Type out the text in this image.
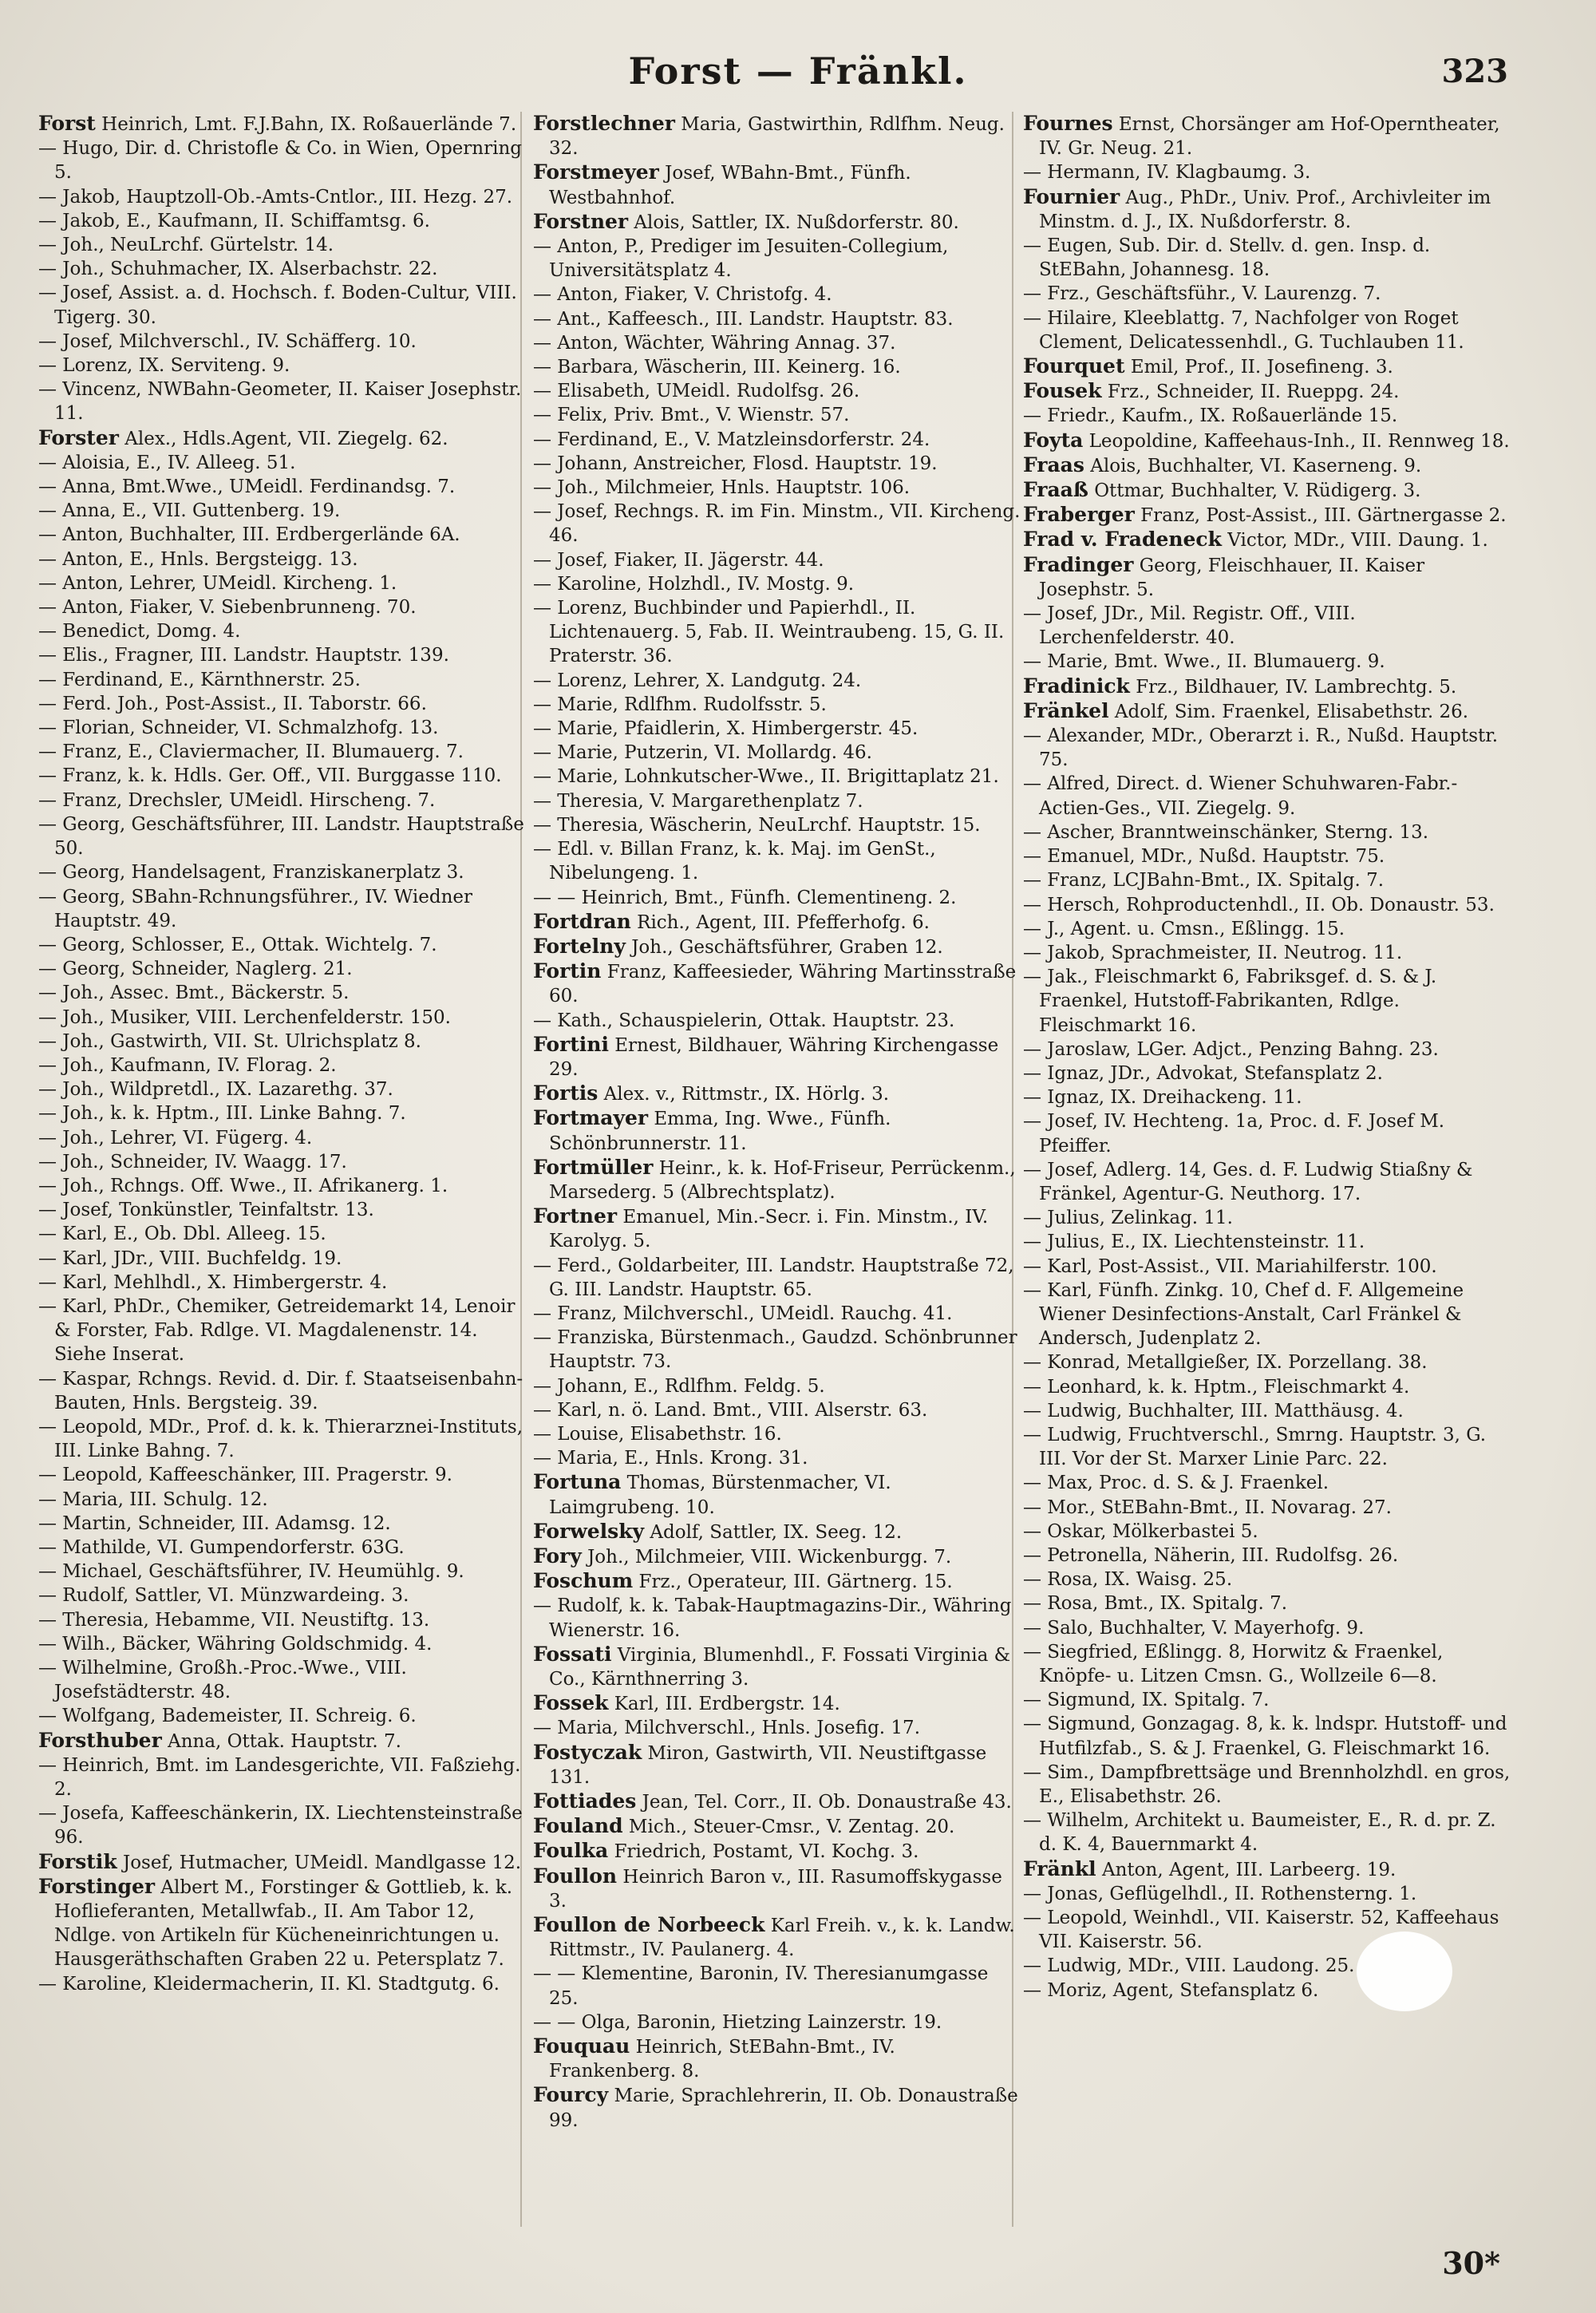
Forst — Fränkl.	323

Forst Heinrich, Lmt. F.J.Bahn, IX. Roßauerlände 7.

— Hugo, Dir. d. Christofle & Co. in Wien, Opernring 5.

— Jakob, Hauptzoll-Ob.-Amts-Cntlor., III. Hezg. 27.

— Jakob, E., Kaufmann, II. Schiffamtsg. 6.

— Joh., NeuLrchf. Gürtelstr. 14.

— Joh., Schuhmacher, IX. Alserbachstr. 22.

— Josef, Assist. a. d. Hochsch. f. Boden-Cultur, VIII. Tigerg. 30.

— Josef, Milchverschl., IV. Schäfferg. 10.

— Lorenz, IX. Serviteng. 9.

— Vincenz, NWBahn-Geometer, II. Kaiser Josephstr. 11.

Forster Alex., Hdls.Agent, VII. Ziegelg. 62.

— Aloisia, E., IV. Alleeg. 51.

— Anna, Bmt.Wwe., UMeidl. Ferdinandsg. 7.

— Anna, E., VII. Guttenberg. 19.

— Anton, Buchhalter, III. Erdbergerlände 6A.

— Anton, E., Hnls. Bergsteigg. 13.

— Anton, Lehrer, UMeidl. Kircheng. 1.

— Anton, Fiaker, V. Siebenbrunneng. 70.

— Benedict, Domg. 4.

— Elis., Fragner, III. Landstr. Hauptstr. 139.

— Ferdinand, E., Kärnthnerstr. 25.

— Ferd. Joh., Post-Assist., II. Taborstr. 66.

— Florian, Schneider, VI. Schmalzhofg. 13.

— Franz, E., Claviermacher, II. Blumauerg. 7.

— Franz, k. k. Hdls. Ger. Off., VII. Burggasse 110.

— Franz, Drechsler, UMeidl. Hirscheng. 7.

— Georg, Geschäftsführer, III. Landstr. Hauptstraße 50.

— Georg, Handelsagent, Franziskanerplatz 3.

— Georg, SBahn-Rchnungsführer., IV. Wiedner Hauptstr. 49.

— Georg, Schlosser, E., Ottak. Wichtelg. 7.

— Georg, Schneider, Naglerg. 21.

— Joh., Assec. Bmt., Bäckerstr. 5.

— Joh., Musiker, VIII. Lerchenfelderstr. 150.

— Joh., Gastwirth, VII. St. Ulrichsplatz 8.

— Joh., Kaufmann, IV. Florag. 2.

— Joh., Wildpretdl., IX. Lazarethg. 37.

— Joh., k. k. Hptm., III. Linke Bahng. 7.

— Joh., Lehrer, VI. Fügerg. 4.

— Joh., Schneider, IV. Waagg. 17.

— Joh., Rchngs. Off. Wwe., II. Afrikanerg. 1.

— Josef, Tonkünstler, Teinfaltstr. 13.

— Karl, E., Ob. Dbl. Alleeg. 15.

— Karl, JDr., VIII. Buchfeldg. 19.

— Karl, Mehlhdl., X. Himbergerstr. 4.

— Karl, PhDr., Chemiker, Getreidemarkt 14, Lenoir & Forster, Fab. Rdlge. VI. Magdalenenstr. 14. Siehe Inserat.

— Kaspar, Rchngs. Revid. d. Dir. f. Staatseisenbahn-Bauten, Hnls. Bergsteig. 39.

— Leopold, MDr., Prof. d. k. k. Thierarznei-Instituts, III. Linke Bahng. 7.

— Leopold, Kaffeeschänker, III. Pragerstr. 9.

— Maria, III. Schulg. 12.

— Martin, Schneider, III. Adamsg. 12.

— Mathilde, VI. Gumpendorferstr. 63G.

— Michael, Geschäftsführer, IV. Heumühlg. 9.

— Rudolf, Sattler, VI. Münzwardeing. 3.

— Theresia, Hebamme, VII. Neustiftg. 13.

— Wilh., Bäcker, Währing Goldschmidg. 4.

— Wilhelmine, Großh.-Proc.-Wwe., VIII. Josefstädterstr. 48.

— Wolfgang, Bademeister, II. Schreig. 6.

Forsthuber Anna, Ottak. Hauptstr. 7.

— Heinrich, Bmt. im Landesgerichte, VII. Faßziehg. 2.

— Josefa, Kaffeeschänkerin, IX. Liechtensteinstraße 96.

Forstik Josef, Hutmacher, UMeidl. Mandlgasse 12.

Forstinger Albert M., Forstinger & Gottlieb, k. k. Hoflieferanten, Metallwfab., II. Am Tabor 12, Ndlge. von Artikeln für Kücheneinrichtungen u. Hausgeräthschaften Graben 22 u. Petersplatz 7.

— Karoline, Kleidermacherin, II. Kl. Stadtgutg. 6.

Forstlechner Maria, Gastwirthin, Rdlfhm. Neug. 32.

Forstmeyer Josef, WBahn-Bmt., Fünfh. Westbahnhof.

Forstner Alois, Sattler, IX. Nußdorferstr. 80.

— Anton, P., Prediger im Jesuiten-Collegium, Universitätsplatz 4.

— Anton, Fiaker, V. Christofg. 4.

— Ant., Kaffeesch., III. Landstr. Hauptstr. 83.

— Anton, Wächter, Währing Annag. 37.

— Barbara, Wäscherin, III. Keinerg. 16.

— Elisabeth, UMeidl. Rudolfsg. 26.

— Felix, Priv. Bmt., V. Wienstr. 57.

— Ferdinand, E., V. Matzleinsdorferstr. 24.

— Johann, Anstreicher, Flosd. Hauptstr. 19.

— Joh., Milchmeier, Hnls. Hauptstr. 106.

— Josef, Rechngs. R. im Fin. Minstm., VII. Kircheng. 46.

— Josef, Fiaker, II. Jägerstr. 44.

— Karoline, Holzhdl., IV. Mostg. 9.

— Lorenz, Buchbinder und Papierhdl., II. Lichtenauerg. 5, Fab. II. Weintraubeng. 15, G. II. Praterstr. 36.

— Lorenz, Lehrer, X. Landgutg. 24.

— Marie, Rdlfhm. Rudolfsstr. 5.

— Marie, Pfaidlerin, X. Himbergerstr. 45.

— Marie, Putzerin, VI. Mollardg. 46.

— Marie, Lohnkutscher-Wwe., II. Brigittaplatz 21.

— Theresia, V. Margarethenplatz 7.

— Theresia, Wäscherin, NeuLrchf. Hauptstr. 15.

— Edl. v. Billan Franz, k. k. Maj. im GenSt., Nibelungeng. 1.

— — Heinrich, Bmt., Fünfh. Clementineng. 2.

Fortdran Rich., Agent, III. Pfefferhofg. 6.

Fortelny Joh., Geschäftsführer, Graben 12.

Fortin Franz, Kaffeesieder, Währing Martinsstraße 60.

— Kath., Schauspielerin, Ottak. Hauptstr. 23.

Fortini Ernest, Bildhauer, Währing Kirchengasse 29.

Fortis Alex. v., Rittmstr., IX. Hörlg. 3.

Fortmayer Emma, Ing. Wwe., Fünfh. Schönbrunnerstr. 11.

Fortmüller Heinr., k. k. Hof-Friseur, Perrückenm., Marsederg. 5 (Albrechtsplatz).

Fortner Emanuel, Min.-Secr. i. Fin. Minstm., IV. Karolyg. 5.

— Ferd., Goldarbeiter, III. Landstr. Hauptstraße 72, G. III. Landstr. Hauptstr. 65.

— Franz, Milchverschl., UMeidl. Rauchg. 41.

— Franziska, Bürstenmach., Gaudzd. Schönbrunner Hauptstr. 73.

— Johann, E., Rdlfhm. Feldg. 5.

— Karl, n. ö. Land. Bmt., VIII. Alserstr. 63.

— Louise, Elisabethstr. 16.

— Maria, E., Hnls. Krong. 31.

Fortuna Thomas, Bürstenmacher, VI. Laimgrubeng. 10.

Forwelsky Adolf, Sattler, IX. Seeg. 12.

Fory Joh., Milchmeier, VIII. Wickenburgg. 7.

Foschum Frz., Operateur, III. Gärtnerg. 15.

— Rudolf, k. k. Tabak-Hauptmagazins-Dir., Währing Wienerstr. 16.

Fossati Virginia, Blumenhdl., F. Fossati Virginia & Co., Kärnthnerring 3.

Fossek Karl, III. Erdbergstr. 14.

— Maria, Milchverschl., Hnls. Josefig. 17.

Fostyczak Miron, Gastwirth, VII. Neustiftgasse 131.

Fottiades Jean, Tel. Corr., II. Ob. Donaustraße 43.

Fouland Mich., Steuer-Cmsr., V. Zentag. 20.

Foulka Friedrich, Postamt, VI. Kochg. 3.

Foullon Heinrich Baron v., III. Rasumoffskygasse 3.

Foullon de Norbeeck Karl Freih. v., k. k. Landw. Rittmstr., IV. Paulanerg. 4.

— — Klementine, Baronin, IV. Theresianumgasse 25.

— — Olga, Baronin, Hietzing Lainzerstr. 19.

Fouquau Heinrich, StEBahn-Bmt., IV. Frankenberg. 8.

Fourcy Marie, Sprachlehrerin, II. Ob. Donaustraße 99.

Fournes Ernst, Chorsänger am Hof-Operntheater, IV. Gr. Neug. 21.

— Hermann, IV. Klagbaumg. 3.

Fournier Aug., PhDr., Univ. Prof., Archivleiter im Minstm. d. J., IX. Nußdorferstr. 8.

— Eugen, Sub. Dir. d. Stellv. d. gen. Insp. d. StEBahn, Johannesg. 18.

— Frz., Geschäftsführ., V. Laurenzg. 7.

— Hilaire, Kleeblattg. 7, Nachfolger von Roget Clement, Delicatessenhdl., G. Tuchlauben 11.

Fourquet Emil, Prof., II. Josefineng. 3.

Fousek Frz., Schneider, II. Rueppg. 24.

— Friedr., Kaufm., IX. Roßauerlände 15.

Foyta Leopoldine, Kaffeehaus-Inh., II. Rennweg 18.

Fraas Alois, Buchhalter, VI. Kaserneng. 9.

Fraaß Ottmar, Buchhalter, V. Rüdigerg. 3.

Fraberger Franz, Post-Assist., III. Gärtnergasse 2.

Frad v. Fradeneck Victor, MDr., VIII. Daung. 1.

Fradinger Georg, Fleischhauer, II. Kaiser Josephstr. 5.

— Josef, JDr., Mil. Registr. Off., VIII. Lerchenfelderstr. 40.

— Marie, Bmt. Wwe., II. Blumauerg. 9.

Fradinick Frz., Bildhauer, IV. Lambrechtg. 5.

Fränkel Adolf, Sim. Fraenkel, Elisabethstr. 26.

— Alexander, MDr., Oberarzt i. R., Nußd. Hauptstr. 75.

— Alfred, Direct. d. Wiener Schuhwaren-Fabr.-Actien-Ges., VII. Ziegelg. 9.

— Ascher, Branntweinschänker, Sterng. 13.

— Emanuel, MDr., Nußd. Hauptstr. 75.

— Franz, LCJBahn-Bmt., IX. Spitalg. 7.

— Hersch, Rohproductenhdl., II. Ob. Donaustr. 53.

— J., Agent. u. Cmsn., Eßlingg. 15.

— Jakob, Sprachmeister, II. Neutrog. 11.

— Jak., Fleischmarkt 6, Fabriksgef. d. S. & J. Fraenkel, Hutstoff-Fabrikanten, Rdlge. Fleischmarkt 16.

— Jaroslaw, LGer. Adjct., Penzing Bahng. 23.

— Ignaz, JDr., Advokat, Stefansplatz 2.

— Ignaz, IX. Dreihackeng. 11.

— Josef, IV. Hechteng. 1a, Proc. d. F. Josef M. Pfeiffer.

— Josef, Adlerg. 14, Ges. d. F. Ludwig Stiaßny & Fränkel, Agentur-G. Neuthorg. 17.

— Julius, Zelinkag. 11.

— Julius, E., IX. Liechtensteinstr. 11.

— Karl, Post-Assist., VII. Mariahilferstr. 100.

— Karl, Fünfh. Zinkg. 10, Chef d. F. Allgemeine Wiener Desinfections-Anstalt, Carl Fränkel & Andersch, Judenplatz 2.

— Konrad, Metallgießer, IX. Porzellang. 38.

— Leonhard, k. k. Hptm., Fleischmarkt 4.

— Ludwig, Buchhalter, III. Matthäusg. 4.

— Ludwig, Fruchtverschl., Smrng. Hauptstr. 3, G. III. Vor der St. Marxer Linie Parc. 22.

— Max, Proc. d. S. & J. Fraenkel.

— Mor., StEBahn-Bmt., II. Novarag. 27.

— Oskar, Mölkerbastei 5.

— Petronella, Näherin, III. Rudolfsg. 26.

— Rosa, IX. Waisg. 25.

— Rosa, Bmt., IX. Spitalg. 7.

— Salo, Buchhalter, V. Mayerhofg. 9.

— Siegfried, Eßlingg. 8, Horwitz & Fraenkel, Knöpfe- u. Litzen Cmsn. G., Wollzeile 6—8.

— Sigmund, IX. Spitalg. 7.

— Sigmund, Gonzagag. 8, k. k. lndspr. Hutstoff- und Hutfilzfab., S. & J. Fraenkel, G. Fleischmarkt 16.

— Sim., Dampfbrettsäge und Brennholzhdl. en gros, E., Elisabethstr. 26.

— Wilhelm, Architekt u. Baumeister, E., R. d. pr. Z. d. K. 4, Bauernmarkt 4.

Fränkl Anton, Agent, III. Larbeerg. 19.

— Jonas, Geflügelhdl., II. Rothensterng. 1.

— Leopold, Weinhdl., VII. Kaiserstr. 52, Kaffeehaus VII. Kaiserstr. 56.

— Ludwig, MDr., VIII. Laudong. 25.

— Moriz, Agent, Stefansplatz 6.

30*
